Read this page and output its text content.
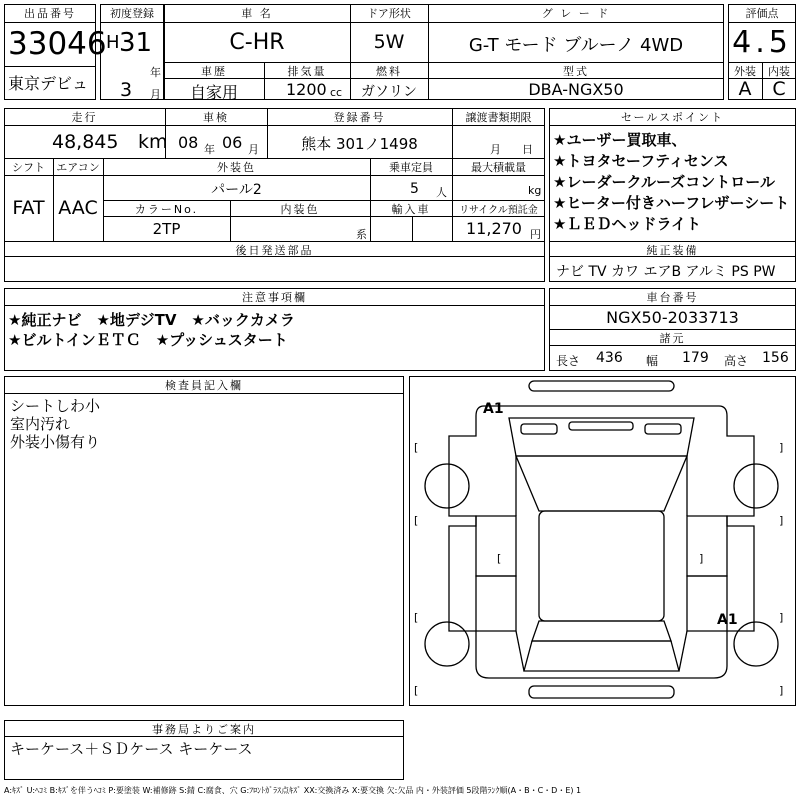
出品番号
33046
東京デビュ
初度登録
H 31
年
3 月
車 名
C-HR
ドア形状
5W
グ レ ー ド
G-T モード ブルーノ 4WD
車歴
自家用
排気量
1200 cc
燃料
ガソリン
型式
DBA-NGX50
評価点
4.5
外装	内装
A	C
走行
48,845 km
車検
08 年 06 月
登録番号
熊本 301ノ1498
譲渡書類期限
月 日
シフト
FAT
エアコン
AAC
外装色
パール2
乗車定員
5 人
最大積載量
kg
カラーNo.
2TP
内装色
系
輸入車	リサイクル預託金
11,270 円
後日発送部品
セールスポイント
★ユーザー買取車、
★トヨタセーフティセンス
★レーダークルーズコントロール
★ヒーター付きハーフレザーシート
★ＬＥＤヘッドライト
純正装備
ナビ TV カワ エアB アルミ PS PW
注意事項欄
★純正ナビ　★地デジTV　★バックカメラ
★ビルトインＥＴＣ　★プッシュスタート
車台番号
NGX50-2033713
諸元
長さ 436 幅 179 高さ 156
検査員記入欄
シートしわ小
室内汚れ
外装小傷有り	[	]
[	]
[	]
[	]
[	]
A1
A1
事務局よりご案内
キーケース＋ＳＤケース キーケース
A:ｷｽﾞ U:ﾍｺﾐ B:ｷｽﾞを伴うﾍｺﾐ P:要塗装 W:補修跡 S:錆 C:腐食、穴 G:ﾌﾛﾝﾄｶﾞﾗｽ点ｷｽﾞ XX:交換済み X:要交換 欠:欠品 内・外装評価 5段階ﾗﾝｸ順(A・B・C・D・E) 1
